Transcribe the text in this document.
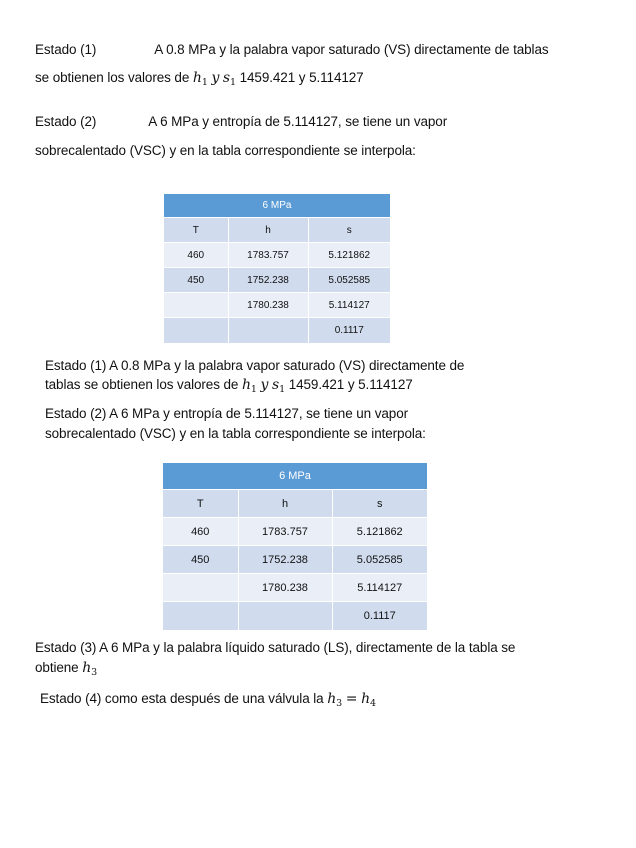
Estado (1)	A 0.8 MPa y la palabra vapor saturado (VS) directamente de tablas
se obtienen los valores de $h_1$ y $s_1$ 1459.421 y 5.114127
Estado (2)	A 6 MPa y entropía de 5.114127, se tiene un vapor
sobrecalentado (VSC) y en la tabla correspondiente se interpola:
6 MPa		
T	h	s
460	1783.757	5.121862
450	1752.238	5.052585
	1780.238	5.114127
		0.1117
Estado (1) A 0.8 MPa y la palabra vapor saturado (VS) directamente de
tablas se obtienen los valores de $h_1$ y $s_1$ 1459.421 y 5.114127
Estado (2) A 6 MPa y entropía de 5.114127, se tiene un vapor
sobrecalentado (VSC) y en la tabla correspondiente se interpola:
6 MPa		
T	h	s
460	1783.757	5.121862
450	1752.238	5.052585
	1780.238	5.114127
		0.1117
Estado (3) A 6 MPa y la palabra líquido saturado (LS), directamente de la tabla se
obtiene $h_3$
Estado (4) como esta después de una válvula la $h_3 = h_4$
